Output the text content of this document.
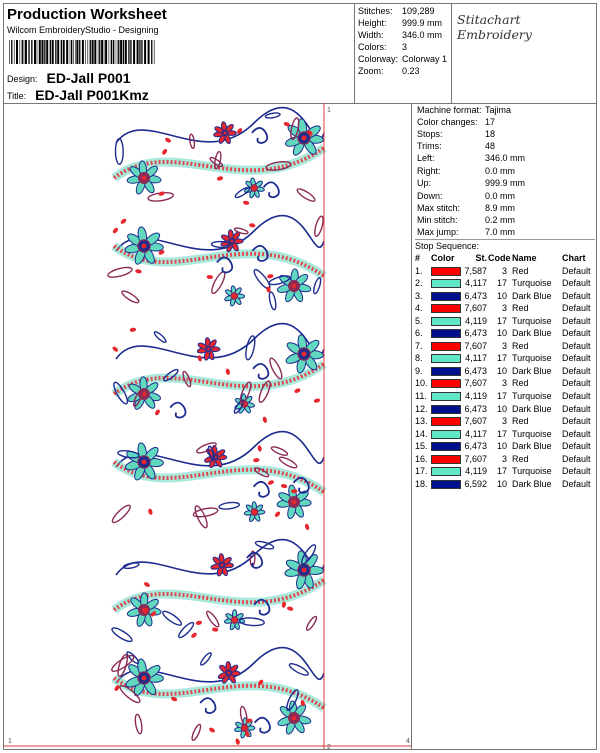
Production Worksheet
Wilcom EmbroideryStudio - Designing
Design: ED-Jall P001
Title: ED-Jall P001Kmz
Stitches: 109,289
Height: 999.9 mm
Width: 346.0 mm
Colors: 3
Colorway: Colorway 1
Zoom: 0.23
Stitachart Embroidery
1
1
2
4
Machine format: Tajima
Color changes: 17
Stops:	18
Trims:	48
Left:	346.0 mm
Right:	0.0 mm
Up:	999.9 mm
Down:	0.0 mm
Max stitch:	8.9 mm
Min stitch:	0.2 mm
Max jump:	7.0 mm
Stop Sequence:
#	Color	St. Code Name	Chart
1.	7,587	3 Red	Default
2.	4,117	17 Turquoise Default
3.	6,473	10 Dark Blue Default
4.	7,607	3 Red	Default
5.	4,119	17 Turquoise Default
6.	6,473	10 Dark Blue Default
7.	7,607	3 Red	Default
8.	4,117	17 Turquoise Default
9.	6,473	10 Dark Blue Default
10.	7,607	3 Red	Default
11.	4,119	17 Turquoise Default
12.	6,473	10 Dark Blue Default
13.	7,607	3 Red	Default
14.	4,117	17 Turquoise Default
15.	6,473	10 Dark Blue Default
16.	7,607	3 Red	Default
17.	4,119	17 Turquoise Default
18.	6,592	10 Dark Blue Default
